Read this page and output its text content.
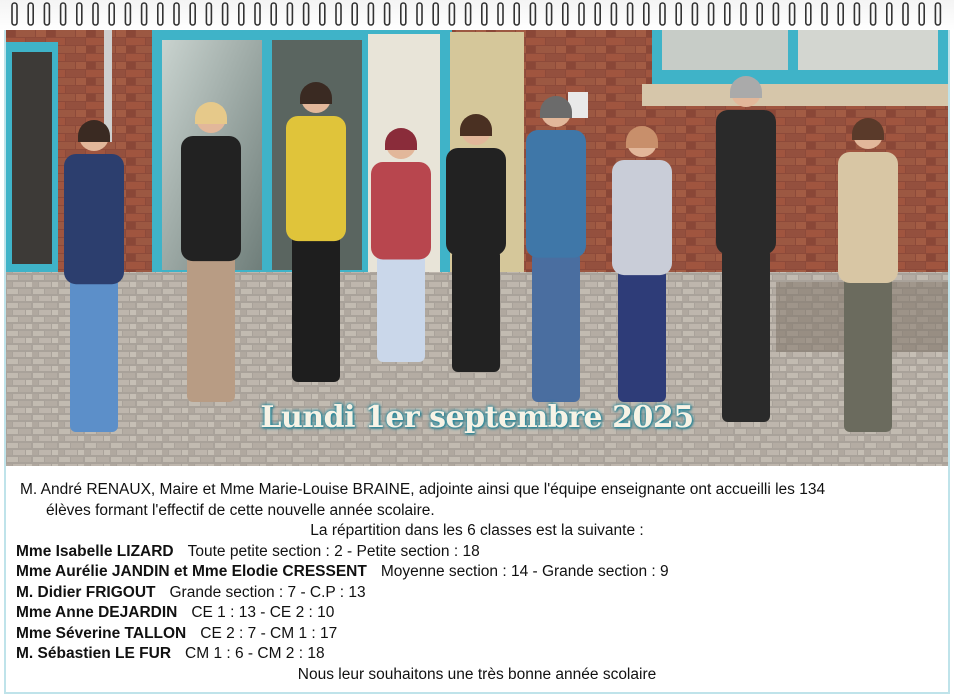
Lundi 1er septembre 2025
M. André RENAUX, Maire et Mme Marie-Louise BRAINE, adjointe ainsi que l'équipe enseignante ont accueilli les 134
élèves formant l'effectif de cette nouvelle année scolaire.
La répartition dans les 6 classes est la suivante :
Mme Isabelle LIZARD Toute petite section : 2 - Petite section : 18
Mme Aurélie JANDIN et Mme Elodie CRESSENT Moyenne section : 14 - Grande section : 9
M. Didier FRIGOUT Grande section : 7 - C.P : 13
Mme Anne DEJARDIN CE 1 : 13 - CE 2 : 10
Mme Séverine TALLON CE 2 : 7 - CM 1 : 17
M. Sébastien LE FUR CM 1 : 6 - CM 2 : 18
Nous leur souhaitons une très bonne année scolaire
